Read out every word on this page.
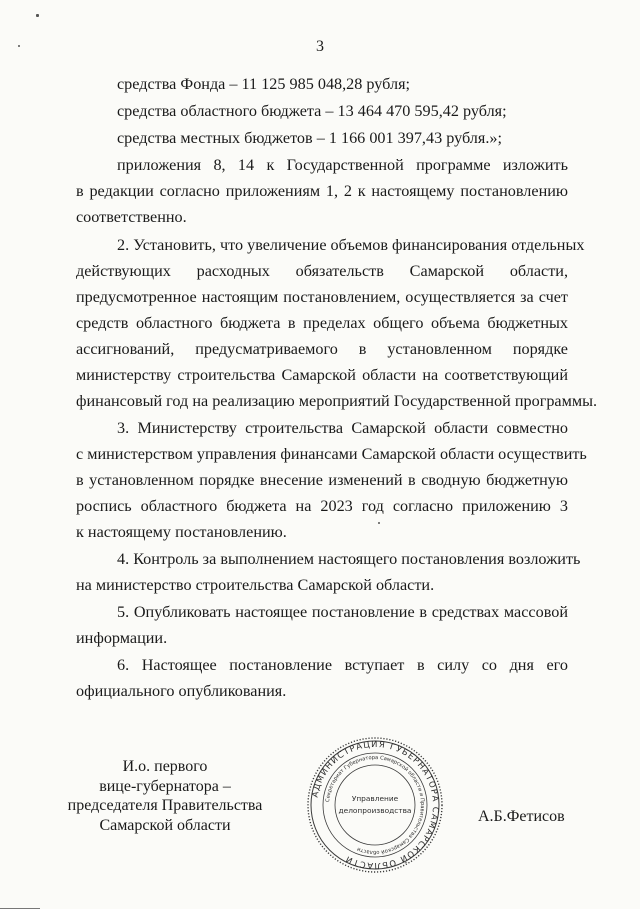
3
средства Фонда – 11 125 985 048,28 рубля;
средства областного бюджета – 13 464 470 595,42 рубля;
средства местных бюджетов – 1 166 001 397,43 рубля.»;
приложения 8, 14 к Государственной программе изложить
в редакции согласно приложениям 1, 2 к настоящему постановлению
соответственно.
2. Установить, что увеличение объемов финансирования отдельных
действующих расходных обязательств Самарской области,
предусмотренное настоящим постановлением, осуществляется за счет
средств областного бюджета в пределах общего объема бюджетных
ассигнований, предусматриваемого в установленном порядке
министерству строительства Самарской области на соответствующий
финансовый год на реализацию мероприятий Государственной программы.
3. Министерству строительства Самарской области совместно
с министерством управления финансами Самарской области осуществить
в установленном порядке внесение изменений в сводную бюджетную
роспись областного бюджета на 2023 год согласно приложению 3
к настоящему постановлению.
4. Контроль за выполнением настоящего постановления возложить
на министерство строительства Самарской области.
5. Опубликовать настоящее постановление в средствах массовой
информации.
6. Настоящее постановление вступает в силу со дня его
официального опубликования.
И.о. первого
вице-губернатора –
председателя Правительства
Самарской области	А.Б.Фетисов
АДМИНИСТРАЦИЯ ГУБЕРНАТОРА САМАРСКОЙ ОБЛАСТИ
Секретариат Губернатора Самарской области и Правительства Самарской области
Управление
делопроизводства
